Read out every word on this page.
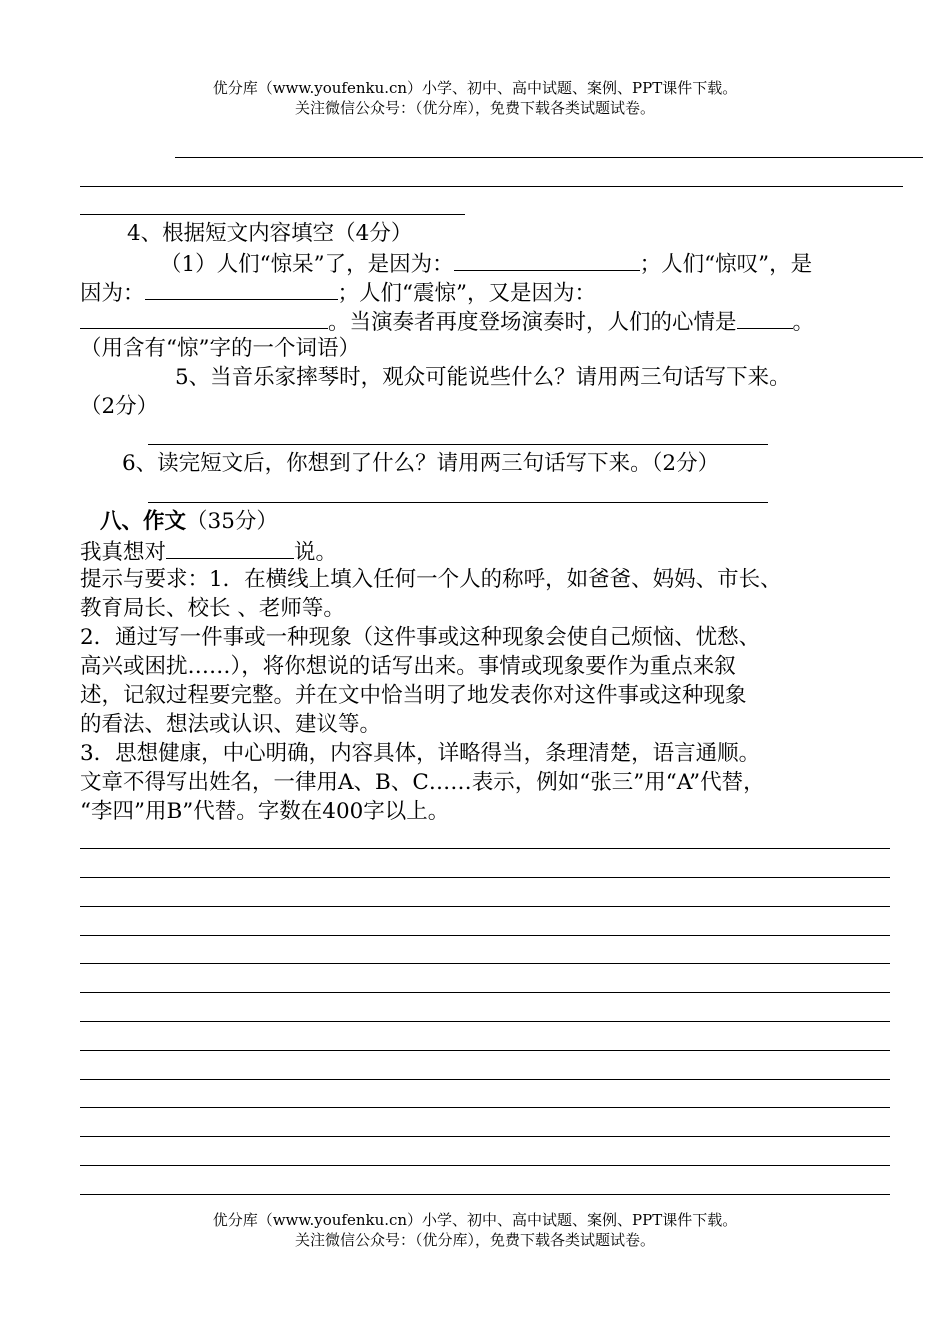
优分库（www.youfenku.cn）小学、初中、高中试题、案例、PPT课件下载。
关注微信公众号：（优分库），免费下载各类试题试卷。
4、根据短文内容填空（4分）
（1）人们“惊呆”了，是因为：	；人们“惊叹”，是
因为：	；人们“震惊”，又是因为：
。当演奏者再度登场演奏时，人们的心情是	。
（用含有“惊”字的一个词语）
5、当音乐家摔琴时，观众可能说些什么？请用两三句话写下来。
（2分）
6、读完短文后，你想到了什么？请用两三句话写下来。（2分）
八、作文（35分）
我真想对	说。
提示与要求：1．在横线上填入任何一个人的称呼，如爸爸、妈妈、市长、
教育局长、校长 、老师等。
2．通过写一件事或一种现象（这件事或这种现象会使自己烦恼、忧愁、
高兴或困扰……），将你想说的话写出来。事情或现象要作为重点来叙
述，记叙过程要完整。并在文中恰当明了地发表你对这件事或这种现象
的看法、想法或认识、建议等。
3．思想健康，中心明确，内容具体，详略得当，条理清楚，语言通顺。
文章不得写出姓名，一律用A、B、C……表示，例如“张三”用“A”代替，
“李四”用B”代替。字数在400字以上。
优分库（www.youfenku.cn）小学、初中、高中试题、案例、PPT课件下载。
关注微信公众号：（优分库），免费下载各类试题试卷。
